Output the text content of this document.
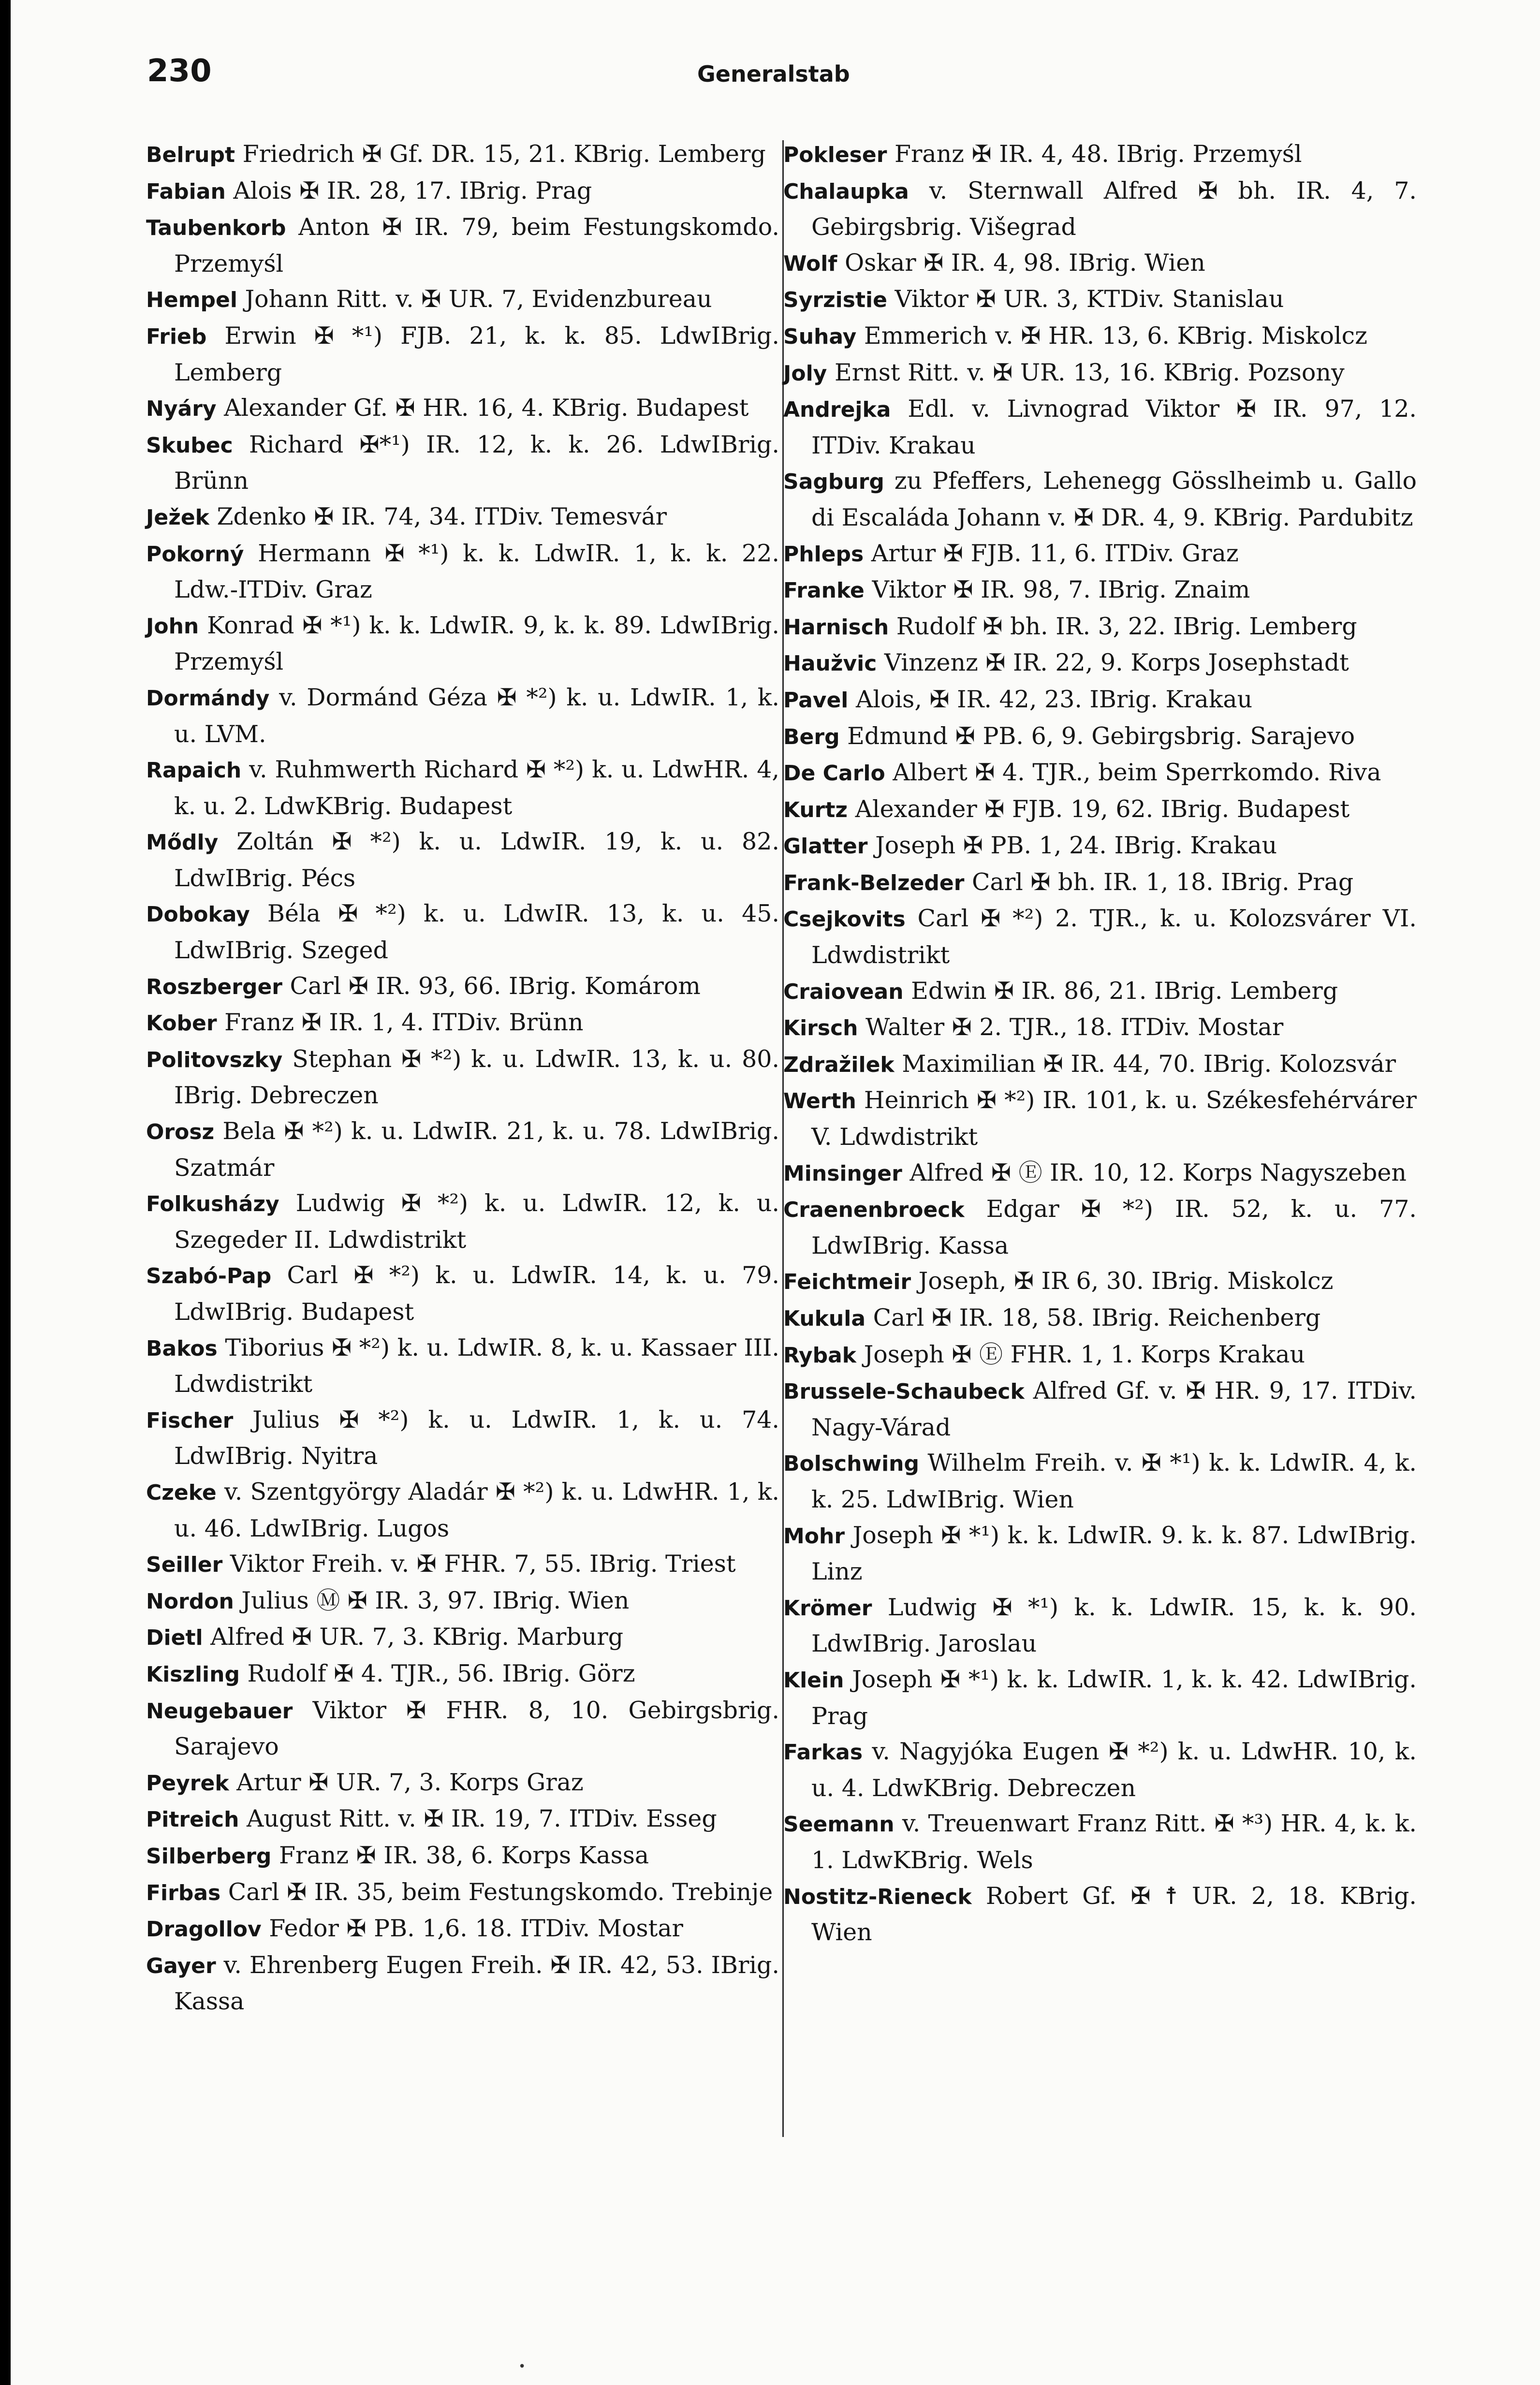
230	Generalstab

Belrupt Friedrich ✠ Gf. DR. 15, 21. KBrig. Lemberg

Fabian Alois ✠ IR. 28, 17. IBrig. Prag

Taubenkorb Anton ✠ IR. 79, beim Festungskomdo. Przemyśl

Hempel Johann Ritt. v. ✠ UR. 7, Evidenzbureau

Frieb Erwin ✠ *¹) FJB. 21, k. k. 85. LdwIBrig. Lemberg

Nyáry Alexander Gf. ✠ HR. 16, 4. KBrig. Budapest

Skubec Richard ✠*¹) IR. 12, k. k. 26. LdwIBrig. Brünn

Ježek Zdenko ✠ IR. 74, 34. ITDiv. Temesvár

Pokorný Hermann ✠ *¹) k. k. LdwIR. 1, k. k. 22. Ldw.-ITDiv. Graz

John Konrad ✠ *¹) k. k. LdwIR. 9, k. k. 89. LdwIBrig. Przemyśl

Dormándy v. Dormánd Géza ✠ *²) k. u. LdwIR. 1, k. u. LVM.

Rapaich v. Ruhmwerth Richard ✠ *²) k. u. LdwHR. 4, k. u. 2. LdwKBrig. Budapest

Mődly Zoltán ✠ *²) k. u. LdwIR. 19, k. u. 82. LdwIBrig. Pécs

Dobokay Béla ✠ *²) k. u. LdwIR. 13, k. u. 45. LdwIBrig. Szeged

Roszberger Carl ✠ IR. 93, 66. IBrig. Komárom

Kober Franz ✠ IR. 1, 4. ITDiv. Brünn

Politovszky Stephan ✠ *²) k. u. LdwIR. 13, k. u. 80. IBrig. Debreczen

Orosz Bela ✠ *²) k. u. LdwIR. 21, k. u. 78. LdwIBrig. Szatmár

Folkusházy Ludwig ✠ *²) k. u. LdwIR. 12, k. u. Szegeder II. Ldwdistrikt

Szabó-Pap Carl ✠ *²) k. u. LdwIR. 14, k. u. 79. LdwIBrig. Budapest

Bakos Tiborius ✠ *²) k. u. LdwIR. 8, k. u. Kassaer III. Ldwdistrikt

Fischer Julius ✠ *²) k. u. LdwIR. 1, k. u. 74. LdwIBrig. Nyitra

Czeke v. Szentgyörgy Aladár ✠ *²) k. u. LdwHR. 1, k. u. 46. LdwIBrig. Lugos

Seiller Viktor Freih. v. ✠ FHR. 7, 55. IBrig. Triest

Nordon Julius Ⓜ ✠ IR. 3, 97. IBrig. Wien

Dietl Alfred ✠ UR. 7, 3. KBrig. Marburg

Kiszling Rudolf ✠ 4. TJR., 56. IBrig. Görz

Neugebauer Viktor ✠ FHR. 8, 10. Gebirgsbrig. Sarajevo

Peyrek Artur ✠ UR. 7, 3. Korps Graz

Pitreich August Ritt. v. ✠ IR. 19, 7. ITDiv. Esseg

Silberberg Franz ✠ IR. 38, 6. Korps Kassa

Firbas Carl ✠ IR. 35, beim Festungskomdo. Trebinje

Dragollov Fedor ✠ PB. 1,6. 18. ITDiv. Mostar

Gayer v. Ehrenberg Eugen Freih. ✠ IR. 42, 53. IBrig. Kassa

Pokleser Franz ✠ IR. 4, 48. IBrig. Przemyśl

Chalaupka v. Sternwall Alfred ✠ bh. IR. 4, 7. Gebirgsbrig. Višegrad

Wolf Oskar ✠ IR. 4, 98. IBrig. Wien

Syrzistie Viktor ✠ UR. 3, KTDiv. Stanislau

Suhay Emmerich v. ✠ HR. 13, 6. KBrig. Miskolcz

Joly Ernst Ritt. v. ✠ UR. 13, 16. KBrig. Pozsony

Andrejka Edl. v. Livnograd Viktor ✠ IR. 97, 12. ITDiv. Krakau

Sagburg zu Pfeffers, Lehenegg Gösslheimb u. Gallo di Escaláda Johann v. ✠ DR. 4, 9. KBrig. Pardubitz

Phleps Artur ✠ FJB. 11, 6. ITDiv. Graz

Franke Viktor ✠ IR. 98, 7. IBrig. Znaim

Harnisch Rudolf ✠ bh. IR. 3, 22. IBrig. Lemberg

Haužvic Vinzenz ✠ IR. 22, 9. Korps Josephstadt

Pavel Alois, ✠ IR. 42, 23. IBrig. Krakau

Berg Edmund ✠ PB. 6, 9. Gebirgsbrig. Sarajevo

De Carlo Albert ✠ 4. TJR., beim Sperrkomdo. Riva

Kurtz Alexander ✠ FJB. 19, 62. IBrig. Budapest

Glatter Joseph ✠ PB. 1, 24. IBrig. Krakau

Frank-Belzeder Carl ✠ bh. IR. 1, 18. IBrig. Prag

Csejkovits Carl ✠ *²) 2. TJR., k. u. Kolozsvárer VI. Ldwdistrikt

Craiovean Edwin ✠ IR. 86, 21. IBrig. Lemberg

Kirsch Walter ✠ 2. TJR., 18. ITDiv. Mostar

Zdražilek Maximilian ✠ IR. 44, 70. IBrig. Kolozsvár

Werth Heinrich ✠ *²) IR. 101, k. u. Székesfehérvárer V. Ldwdistrikt

Minsinger Alfred ✠ Ⓔ IR. 10, 12. Korps Nagyszeben

Craenenbroeck Edgar ✠ *²) IR. 52, k. u. 77. LdwIBrig. Kassa

Feichtmeir Joseph, ✠ IR 6, 30. IBrig. Miskolcz

Kukula Carl ✠ IR. 18, 58. IBrig. Reichenberg

Rybak Joseph ✠ Ⓔ FHR. 1, 1. Korps Krakau

Brussele-Schaubeck Alfred Gf. v. ✠ HR. 9, 17. ITDiv. Nagy-Várad

Bolschwing Wilhelm Freih. v. ✠ *¹) k. k. LdwIR. 4, k. k. 25. LdwIBrig. Wien

Mohr Joseph ✠ *¹) k. k. LdwIR. 9. k. k. 87. LdwIBrig. Linz

Krömer Ludwig ✠ *¹) k. k. LdwIR. 15, k. k. 90. LdwIBrig. Jaroslau

Klein Joseph ✠ *¹) k. k. LdwIR. 1, k. k. 42. LdwIBrig. Prag

Farkas v. Nagyjóka Eugen ✠ *²) k. u. LdwHR. 10, k. u. 4. LdwKBrig. Debreczen

Seemann v. Treuenwart Franz Ritt. ✠ *³) HR. 4, k. k. 1. LdwKBrig. Wels

Nostitz-Rieneck Robert Gf. ✠ ☨ UR. 2, 18. KBrig. Wien

•
